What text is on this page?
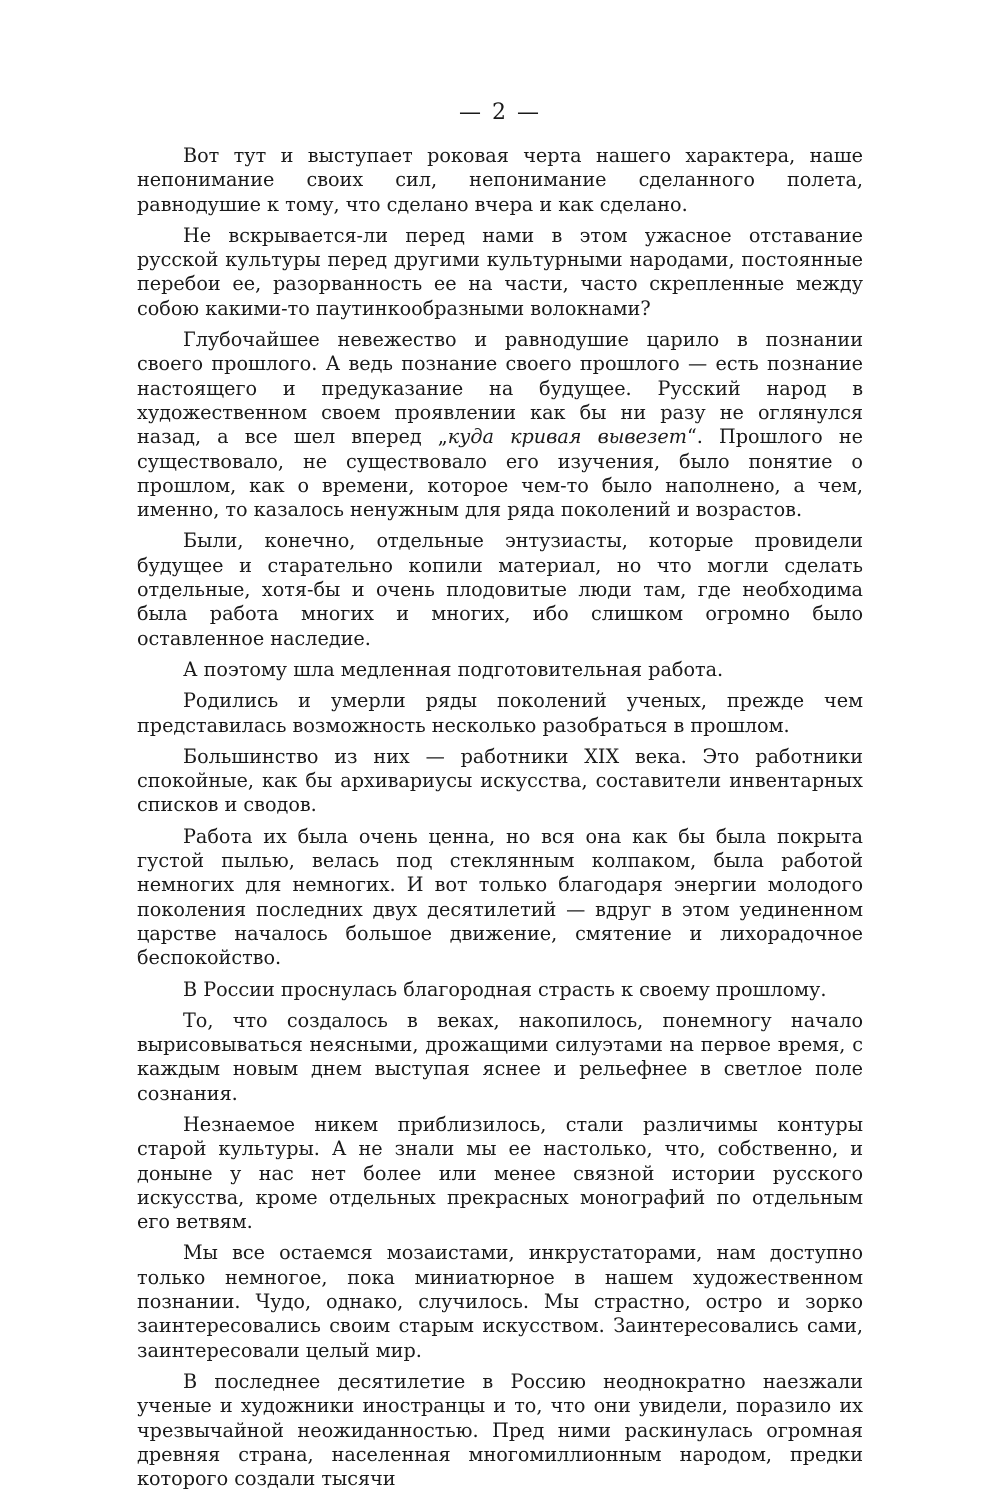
— 2 —

Вот тут и выступает роковая черта нашего характера, наше непонимание своих сил, непонимание сделанного полета, равнодушие к тому, что сделано вчера и как сделано.

Не вскрывается-ли перед нами в этом ужасное отставание русской культуры перед другими культурными народами, постоянные перебои ее, разорванность ее на части, часто скрепленные между собою какими-то паутинкообразными волокнами?

Глубочайшее невежество и равнодушие царило в познании своего прошлого. А ведь познание своего прошлого — есть познание настоящего и предуказание на будущее. Русский народ в художественном своем проявлении как бы ни разу не оглянулся назад, а все шел вперед „куда кривая вывезет“. Прошлого не существовало, не существовало его изучения, было понятие о прошлом, как о времени, которое чем-то было наполнено, а чем, именно, то казалось ненужным для ряда поколений и возрастов.

Были, конечно, отдельные энтузиасты, которые провидели будущее и старательно копили материал, но что могли сделать отдельные, хотя-бы и очень плодовитые люди там, где необходима была работа многих и многих, ибо слишком огромно было оставленное наследие.

А поэтому шла медленная подготовительная работа.

Родились и умерли ряды поколений ученых, прежде чем представилась возможность несколько разобраться в прошлом.

Большинство из них — работники XIX века. Это работники спокойные, как бы архивариусы искусства, составители инвентарных списков и сводов.

Работа их была очень ценна, но вся она как бы была покрыта густой пылью, велась под стеклянным колпаком, была работой немногих для немногих. И вот только благодаря энергии молодого поколения последних двух десятилетий — вдруг в этом уединенном царстве началось большое движение, смятение и лихорадочное беспокойство.

В России проснулась благородная страсть к своему прошлому.

То, что создалось в веках, накопилось, понемногу начало вырисовываться неясными, дрожащими силуэтами на первое время, с каждым новым днем выступая яснее и рельефнее в светлое поле сознания.

Незнаемое никем приблизилось, стали различимы контуры старой культуры. А не знали мы ее настолько, что, собственно, и доныне у нас нет более или менее связной истории русского искусства, кроме отдельных прекрасных монографий по отдельным его ветвям.

Мы все остаемся мозаистами, инкрустаторами, нам доступно только немногое, пока миниатюрное в нашем художественном познании. Чудо, однако, случилось. Мы страстно, остро и зорко заинтересовались своим старым искусством. Заинтересовались сами, заинтересовали целый мир.

В последнее десятилетие в Россию неоднократно наезжали ученые и художники иностранцы и то, что они увидели, поразило их чрезвычайной неожиданностью. Пред ними раскинулась огромная древняя страна, населенная многомиллионным народом, предки которого создали тысячи
